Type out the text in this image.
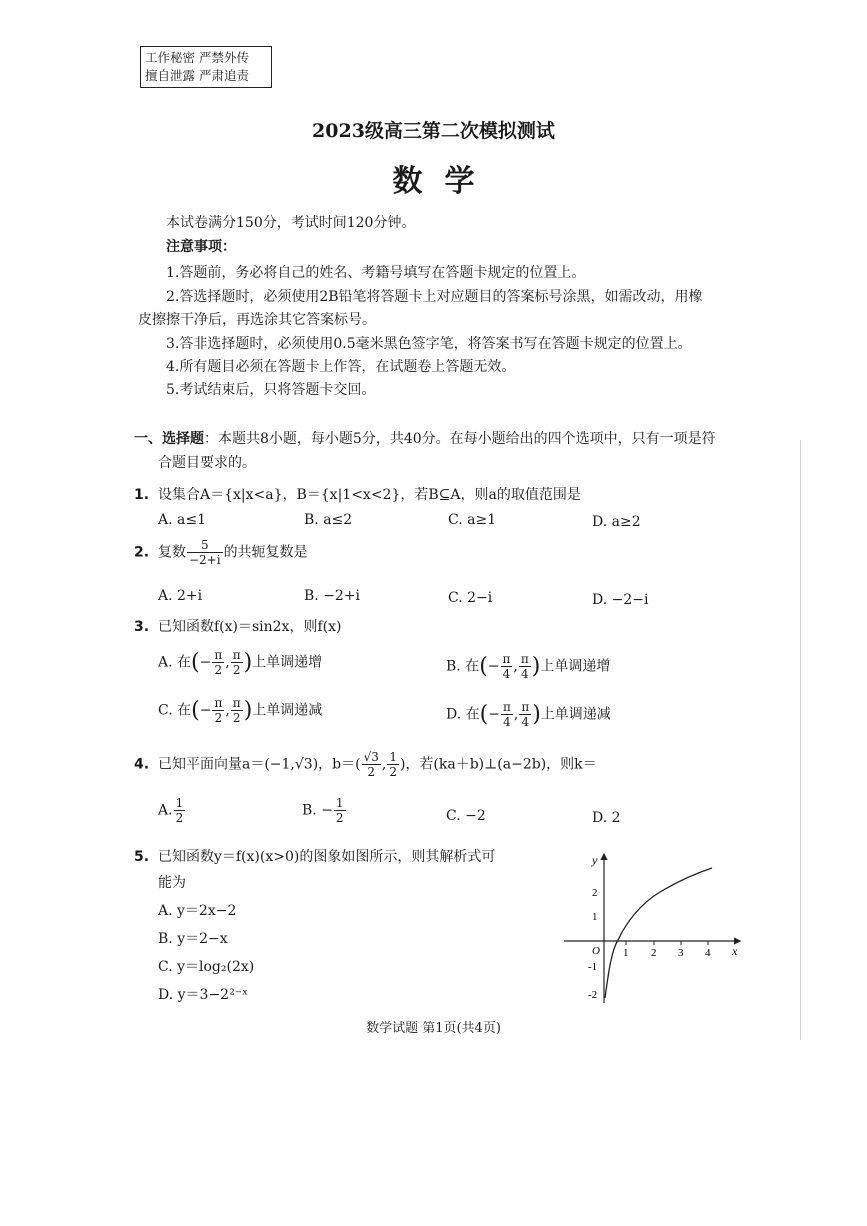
工作秘密 严禁外传
擅自泄露 严肃追责
2023级高三第二次模拟测试
数学
本试卷满分150分，考试时间120分钟。
注意事项：
1.答题前，务必将自己的姓名、考籍号填写在答题卡规定的位置上。
2.答选择题时，必须使用2B铅笔将答题卡上对应题目的答案标号涂黑，如需改动，用橡
皮擦擦干净后，再选涂其它答案标号。
3.答非选择题时，必须使用0.5毫米黑色签字笔，将答案书写在答题卡规定的位置上。
4.所有题目必须在答题卡上作答，在试题卷上答题无效。
5.考试结束后，只将答题卡交回。
一、选择题：本题共8小题，每小题5分，共40分。在每小题给出的四个选项中，只有一项是符
合题目要求的。
1. 设集合A＝{x|x<a}，B＝{x|1<x<2}，若B⊆A，则a的取值范围是
A. a≤1	B. a≤2	C. a≥1	D. a≥2
2. 复数 $\frac{5}{-2+i}$ 的共轭复数是
A. 2+i	B. −2+i	C. 2−i	D. −2−i
3. 已知函数f(x)＝sin2x，则f(x)
A. 在(− $\frac{\pi}{2}$ , $\frac{\pi}{2}$ )上单调递增	B. 在(− $\frac{\pi}{4}$ , $\frac{\pi}{4}$ )上单调递增
C. 在(− $\frac{\pi}{2}$ , $\frac{\pi}{2}$ )上单调递减	D. 在(− $\frac{\pi}{4}$ , $\frac{\pi}{4}$ )上单调递减
4. 已知平面向量a＝(−1,√3)，$b=( \frac{√3}{2}$ , $\frac{1}{2}$ )，若(ka＋b)⊥(a−2b)，则k＝
A. $\frac{1}{2}$	B. − $\frac{1}{2}$	C. −2	D. 2
5. 已知函数y＝f(x)(x>0)的图象如图所示，则其解析式可
能为
A. y＝2x−2
B. y＝2−x
C. y＝log₂(2x)
D. y＝3−2²⁻ˣ
y
x
O 1 2 3 4
2
1
-1
-2
数学试题 第1页(共4页)
